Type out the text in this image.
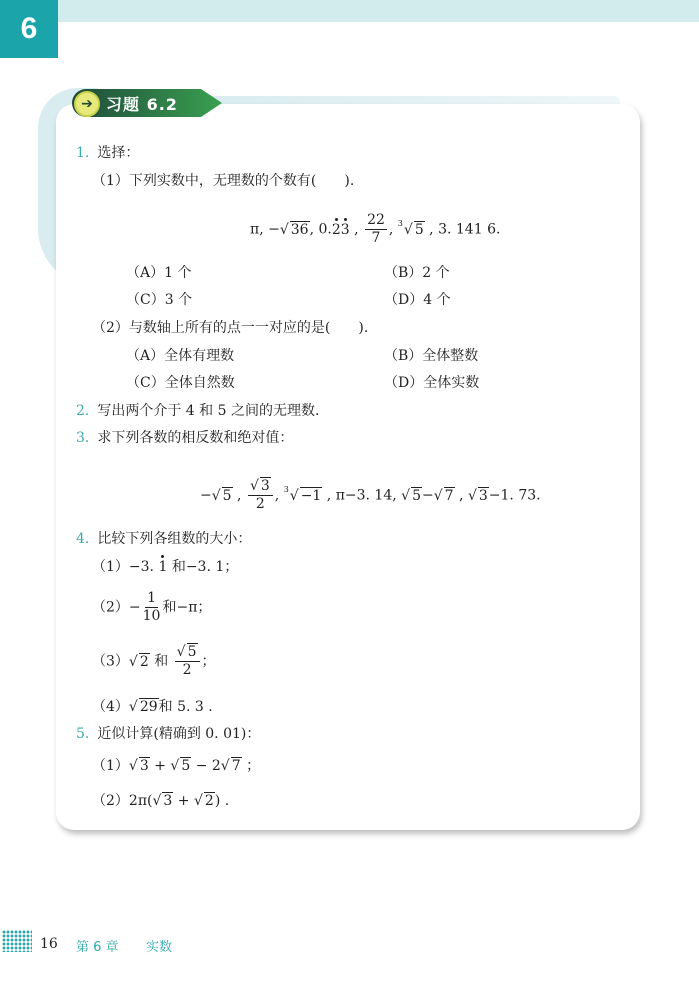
6
➔ 习题 6.2
1. 选择：
（1）下列实数中，无理数的个数有(　　).
π, −√ 36, 0.23 , $\frac{22}{7}$ , $^3$√ 5 , 3. 141 6.
（A）1 个	（B）2 个
（C）3 个	（D）4 个
（2）与数轴上所有的点一一对应的是(　　).
（A）全体有理数	（B）全体整数
（C）全体自然数	（D）全体实数
2. 写出两个介于 4 和 5 之间的无理数.
3. 求下列各数的相反数和绝对值：
−√ 5 , $\frac{√ 3}{2}$ , $^3$√ −1 , π−3. 14, √ 5−√ 7 , √ 3−1. 73.
4. 比较下列各组数的大小：
（1）−3. 1 和−3. 1；
$(2)- \frac{1}{10}$ 和−π；
（3）√ 2 和 $\frac{√ 5}{2}$ ；
（4）√ 29和 5. 3 .
5. 近似计算(精确到 0. 01)：
（1）√ 3 + √ 5 − 2√ 7 ；
（2）2π(√ 3 + √ 2) .
16 第 6 章 实数
